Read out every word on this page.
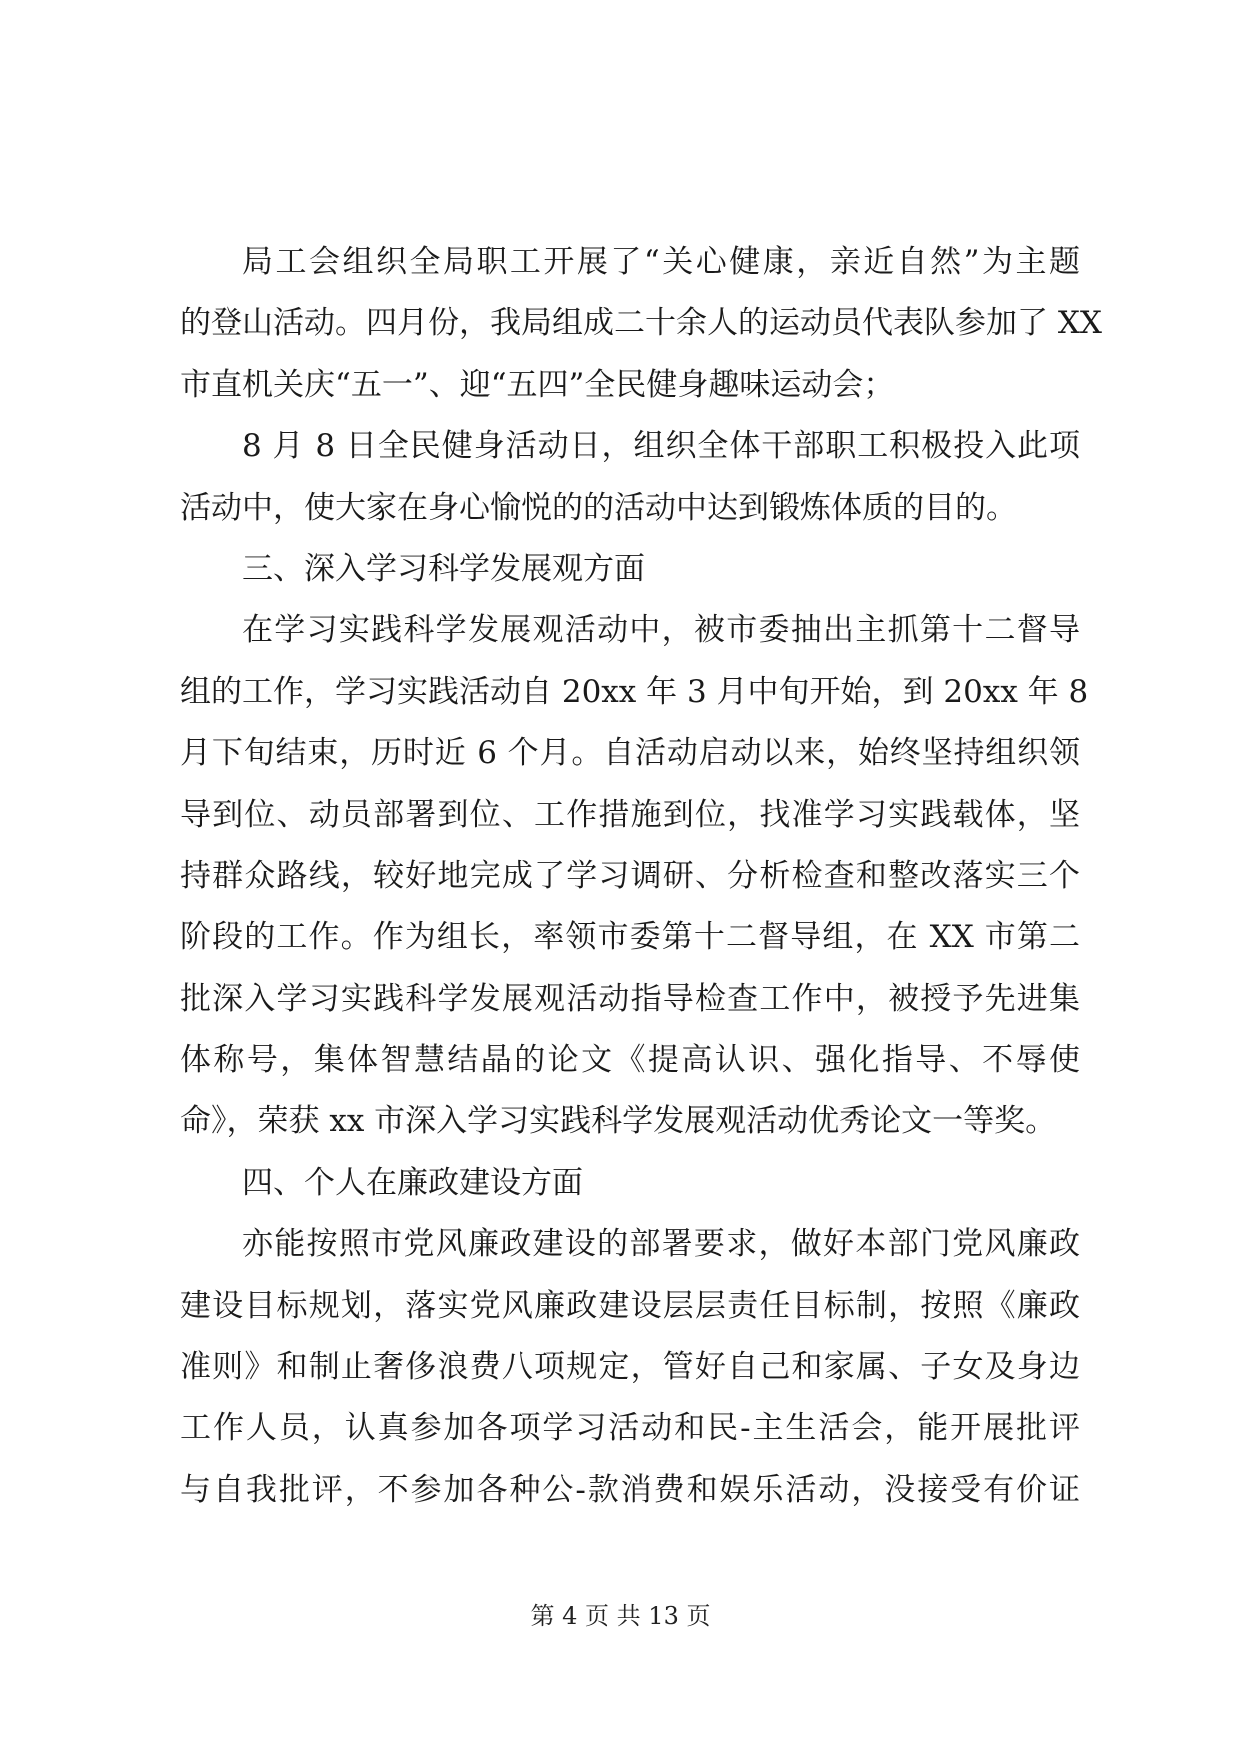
局工会组织全局职工开展了“关心健康，亲近自然”为主题
的登山活动。四月份，我局组成二十余人的运动员代表队参加了 XX
市直机关庆“五一”、迎“五四”全民健身趣味运动会；
8 月 8 日全民健身活动日，组织全体干部职工积极投入此项
活动中，使大家在身心愉悦的的活动中达到锻炼体质的目的。
三、深入学习科学发展观方面
在学习实践科学发展观活动中，被市委抽出主抓第十二督导
组的工作，学习实践活动自 20xx 年 3 月中旬开始，到 20xx 年 8
月下旬结束，历时近 6 个月。自活动启动以来，始终坚持组织领
导到位、动员部署到位、工作措施到位，找准学习实践载体，坚
持群众路线，较好地完成了学习调研、分析检查和整改落实三个
阶段的工作。作为组长，率领市委第十二督导组，在 XX 市第二
批深入学习实践科学发展观活动指导检查工作中，被授予先进集
体称号，集体智慧结晶的论文《提高认识、强化指导、不辱使
命》，荣获 xx 市深入学习实践科学发展观活动优秀论文一等奖。
四、个人在廉政建设方面
亦能按照市党风廉政建设的部署要求，做好本部门党风廉政
建设目标规划，落实党风廉政建设层层责任目标制，按照《廉政
准则》和制止奢侈浪费八项规定，管好自己和家属、子女及身边
工作人员，认真参加各项学习活动和民-主生活会，能开展批评
与自我批评，不参加各种公-款消费和娱乐活动，没接受有价证
第 4 页 共 13 页
